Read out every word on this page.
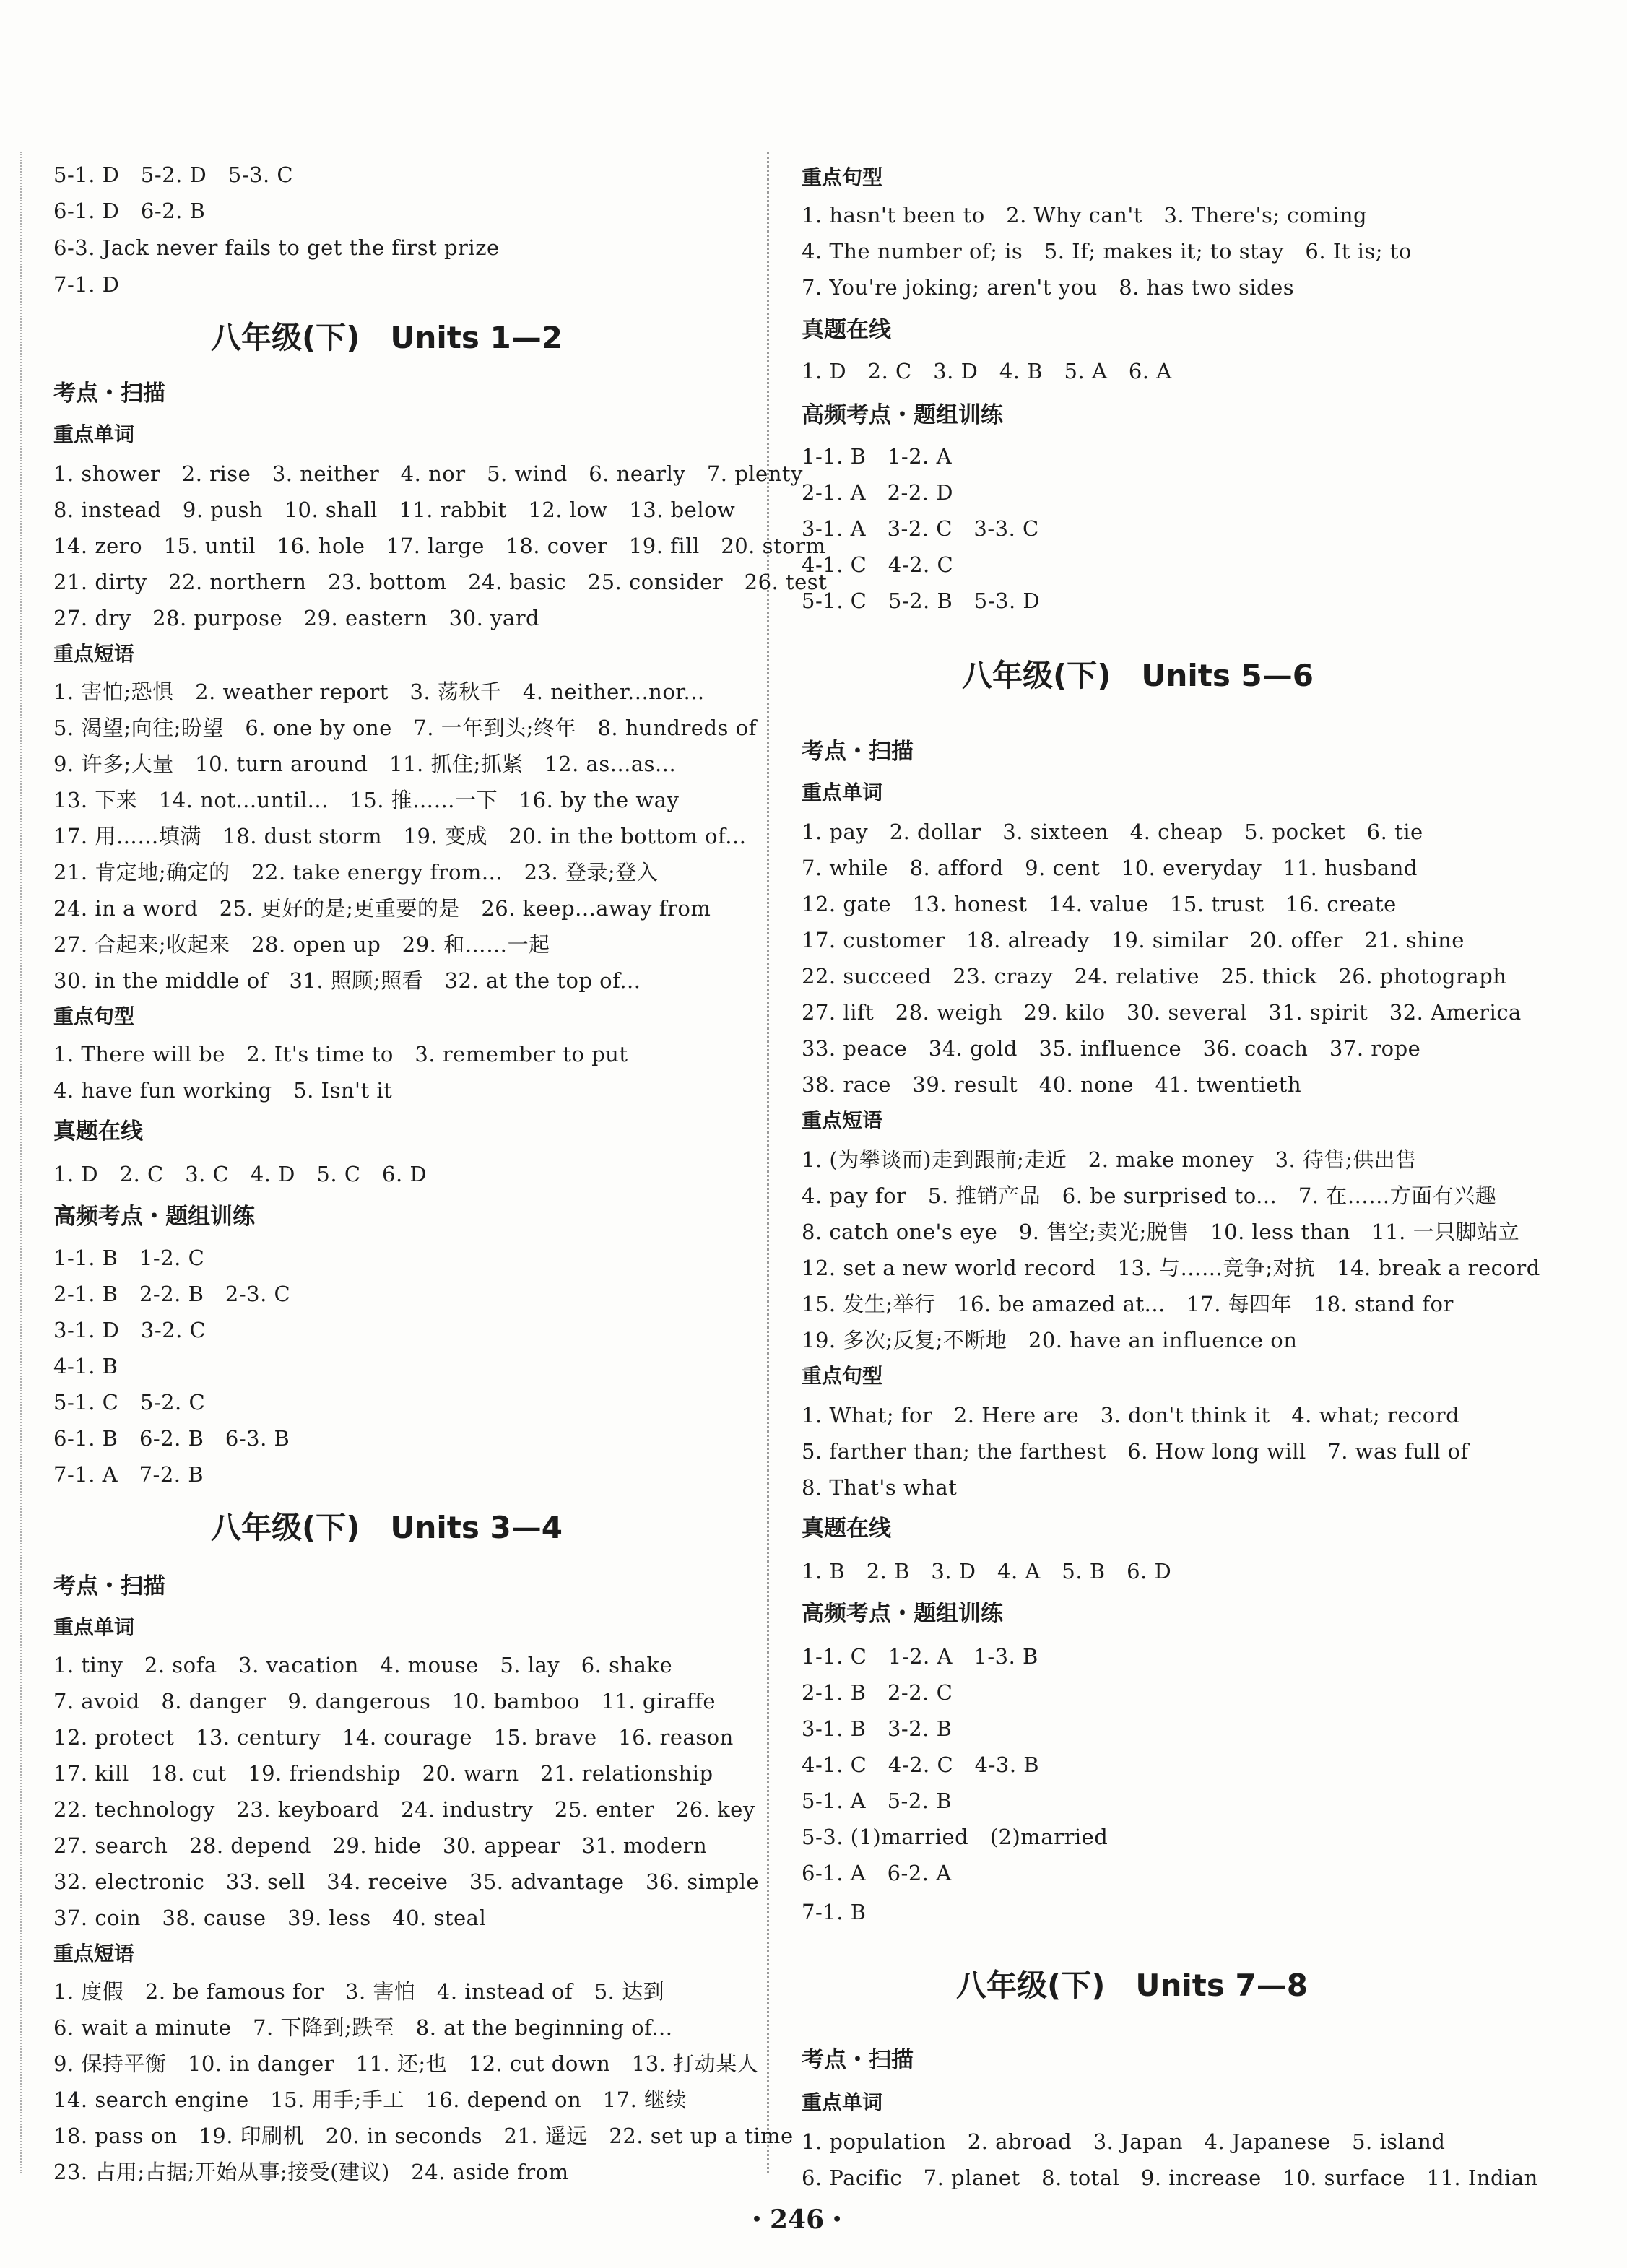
5-1. D　5-2. D　5-3. C
6-1. D　6-2. B
6-3. Jack never fails to get the first prize
7-1. D
八年级(下)　Units 1—2
考点・扫描
重点单词
1. shower　2. rise　3. neither　4. nor　5. wind　6. nearly　7. plenty
8. instead　9. push　10. shall　11. rabbit　12. low　13. below
14. zero　15. until　16. hole　17. large　18. cover　19. fill　20. storm
21. dirty　22. northern　23. bottom　24. basic　25. consider　26. test
27. dry　28. purpose　29. eastern　30. yard
重点短语
1. 害怕;恐惧　2. weather report　3. 荡秋千　4. neither...nor...
5. 渴望;向往;盼望　6. one by one　7. 一年到头;终年　8. hundreds of
9. 许多;大量　10. turn around　11. 抓住;抓紧　12. as...as...
13. 下来　14. not...until...　15. 推……一下　16. by the way
17. 用……填满　18. dust storm　19. 变成　20. in the bottom of...
21. 肯定地;确定的　22. take energy from...　23. 登录;登入
24. in a word　25. 更好的是;更重要的是　26. keep...away from
27. 合起来;收起来　28. open up　29. 和……一起
30. in the middle of　31. 照顾;照看　32. at the top of...
重点句型
1. There will be　2. It's time to　3. remember to put
4. have fun working　5. Isn't it
真题在线
1. D　2. C　3. C　4. D　5. C　6. D
高频考点・题组训练
1-1. B　1-2. C
2-1. B　2-2. B　2-3. C
3-1. D　3-2. C
4-1. B
5-1. C　5-2. C
6-1. B　6-2. B　6-3. B
7-1. A　7-2. B
八年级(下)　Units 3—4
考点・扫描
重点单词
1. tiny　2. sofa　3. vacation　4. mouse　5. lay　6. shake
7. avoid　8. danger　9. dangerous　10. bamboo　11. giraffe
12. protect　13. century　14. courage　15. brave　16. reason
17. kill　18. cut　19. friendship　20. warn　21. relationship
22. technology　23. keyboard　24. industry　25. enter　26. key
27. search　28. depend　29. hide　30. appear　31. modern
32. electronic　33. sell　34. receive　35. advantage　36. simple
37. coin　38. cause　39. less　40. steal
重点短语
1. 度假　2. be famous for　3. 害怕　4. instead of　5. 达到
6. wait a minute　7. 下降到;跌至　8. at the beginning of...
9. 保持平衡　10. in danger　11. 还;也　12. cut down　13. 打动某人
14. search engine　15. 用手;手工　16. depend on　17. 继续
18. pass on　19. 印刷机　20. in seconds　21. 遥远　22. set up a time
23. 占用;占据;开始从事;接受(建议)　24. aside from
重点句型
1. hasn't been to　2. Why can't　3. There's; coming
4. The number of; is　5. If; makes it; to stay　6. It is; to
7. You're joking; aren't you　8. has two sides
真题在线
1. D　2. C　3. D　4. B　5. A　6. A
高频考点・题组训练
1-1. B　1-2. A
2-1. A　2-2. D
3-1. A　3-2. C　3-3. C
4-1. C　4-2. C
5-1. C　5-2. B　5-3. D
八年级(下)　Units 5—6
考点・扫描
重点单词
1. pay　2. dollar　3. sixteen　4. cheap　5. pocket　6. tie
7. while　8. afford　9. cent　10. everyday　11. husband
12. gate　13. honest　14. value　15. trust　16. create
17. customer　18. already　19. similar　20. offer　21. shine
22. succeed　23. crazy　24. relative　25. thick　26. photograph
27. lift　28. weigh　29. kilo　30. several　31. spirit　32. America
33. peace　34. gold　35. influence　36. coach　37. rope
38. race　39. result　40. none　41. twentieth
重点短语
1. (为攀谈而)走到跟前;走近　2. make money　3. 待售;供出售
4. pay for　5. 推销产品　6. be surprised to...　7. 在……方面有兴趣
8. catch one's eye　9. 售空;卖光;脱售　10. less than　11. 一只脚站立
12. set a new world record　13. 与……竞争;对抗　14. break a record
15. 发生;举行　16. be amazed at...　17. 每四年　18. stand for
19. 多次;反复;不断地　20. have an influence on
重点句型
1. What; for　2. Here are　3. don't think it　4. what; record
5. farther than; the farthest　6. How long will　7. was full of
8. That's what
真题在线
1. B　2. B　3. D　4. A　5. B　6. D
高频考点・题组训练
1-1. C　1-2. A　1-3. B
2-1. B　2-2. C
3-1. B　3-2. B
4-1. C　4-2. C　4-3. B
5-1. A　5-2. B
5-3. (1)married　(2)married
6-1. A　6-2. A
7-1. B
八年级(下)　Units 7—8
考点・扫描
重点单词
1. population　2. abroad　3. Japan　4. Japanese　5. island
6. Pacific　7. planet　8. total　9. increase　10. surface　11. Indian
・246・
